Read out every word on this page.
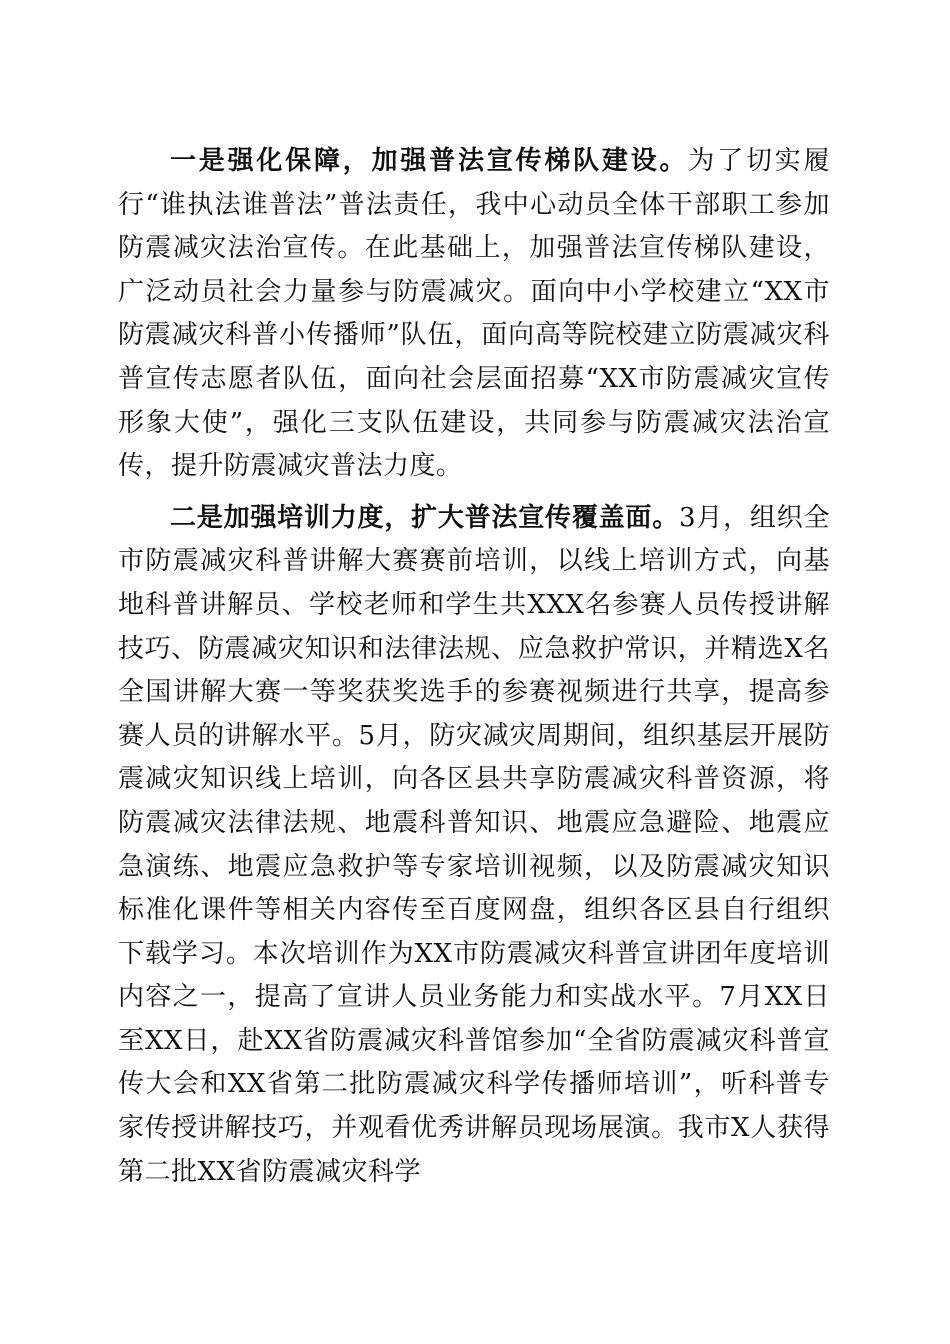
一是强化保障，加强普法宣传梯队建设。为了切实履行“谁执法谁普法”普法责任，我中心动员全体干部职工参加防震减灾法治宣传。在此基础上，加强普法宣传梯队建设，广泛动员社会力量参与防震减灾。面向中小学校建立“XX市防震减灾科普小传播师”队伍，面向高等院校建立防震减灾科普宣传志愿者队伍，面向社会层面招募“XX市防震减灾宣传形象大使”，强化三支队伍建设，共同参与防震减灾法治宣传，提升防震减灾普法力度。

二是加强培训力度，扩大普法宣传覆盖面。3月，组织全市防震减灾科普讲解大赛赛前培训，以线上培训方式，向基地科普讲解员、学校老师和学生共XXX名参赛人员传授讲解技巧、防震减灾知识和法律法规、应急救护常识，并精选X名全国讲解大赛一等奖获奖选手的参赛视频进行共享，提高参赛人员的讲解水平。5月，防灾减灾周期间，组织基层开展防震减灾知识线上培训，向各区县共享防震减灾科普资源，将防震减灾法律法规、地震科普知识、地震应急避险、地震应急演练、地震应急救护等专家培训视频，以及防震减灾知识标准化课件等相关内容传至百度网盘，组织各区县自行组织下载学习。本次培训作为XX市防震减灾科普宣讲团年度培训内容之一，提高了宣讲人员业务能力和实战水平。7月XX日至XX日，赴XX省防震减灾科普馆参加“全省防震减灾科普宣传大会和XX省第二批防震减灾科学传播师培训”，听科普专家传授讲解技巧，并观看优秀讲解员现场展演。我市X人获得第二批XX省防震减灾科学
